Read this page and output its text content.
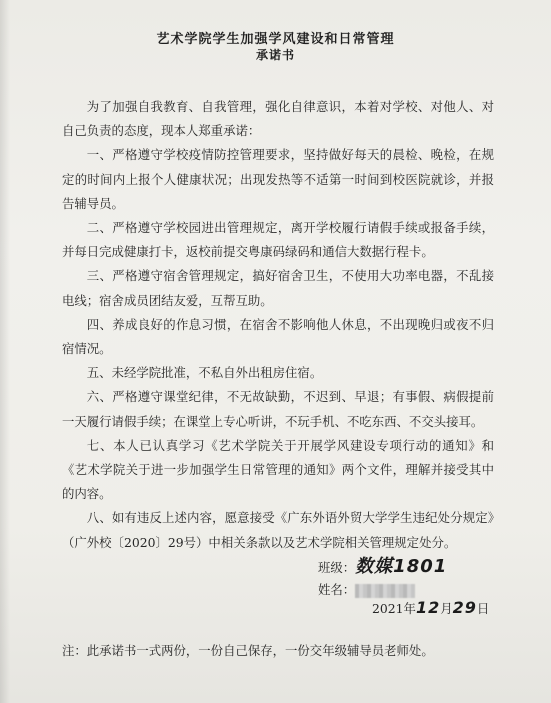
艺术学院学生加强学风建设和日常管理
承诺书

为了加强自我教育、自我管理，强化自律意识，本着对学校、对他人、对自己负责的态度，现本人郑重承诺：

一、严格遵守学校疫情防控管理要求，坚持做好每天的晨检、晚检，在规定的时间内上报个人健康状况；出现发热等不适第一时间到校医院就诊，并报告辅导员。

二、严格遵守学校园进出管理规定，离开学校履行请假手续或报备手续，并每日完成健康打卡，返校前提交粤康码绿码和通信大数据行程卡。

三、严格遵守宿舍管理规定，搞好宿舍卫生，不使用大功率电器，不乱接电线；宿舍成员团结友爱，互帮互助。

四、养成良好的作息习惯，在宿舍不影响他人休息，不出现晚归或夜不归宿情况。

五、未经学院批准，不私自外出租房住宿。

六、严格遵守课堂纪律，不无故缺勤，不迟到、早退；有事假、病假提前一天履行请假手续；在课堂上专心听讲，不玩手机、不吃东西、不交头接耳。

七、本人已认真学习《艺术学院关于开展学风建设专项行动的通知》和《艺术学院关于进一步加强学生日常管理的通知》两个文件，理解并接受其中的内容。

八、如有违反上述内容，愿意接受《广东外语外贸大学学生违纪处分规定》（广外校〔2020〕29号）中相关条款以及艺术学院相关管理规定处分。

班级：数媒1801
姓名：
2021年12月29日
注：此承诺书一式两份，一份自己保存，一份交年级辅导员老师处。
